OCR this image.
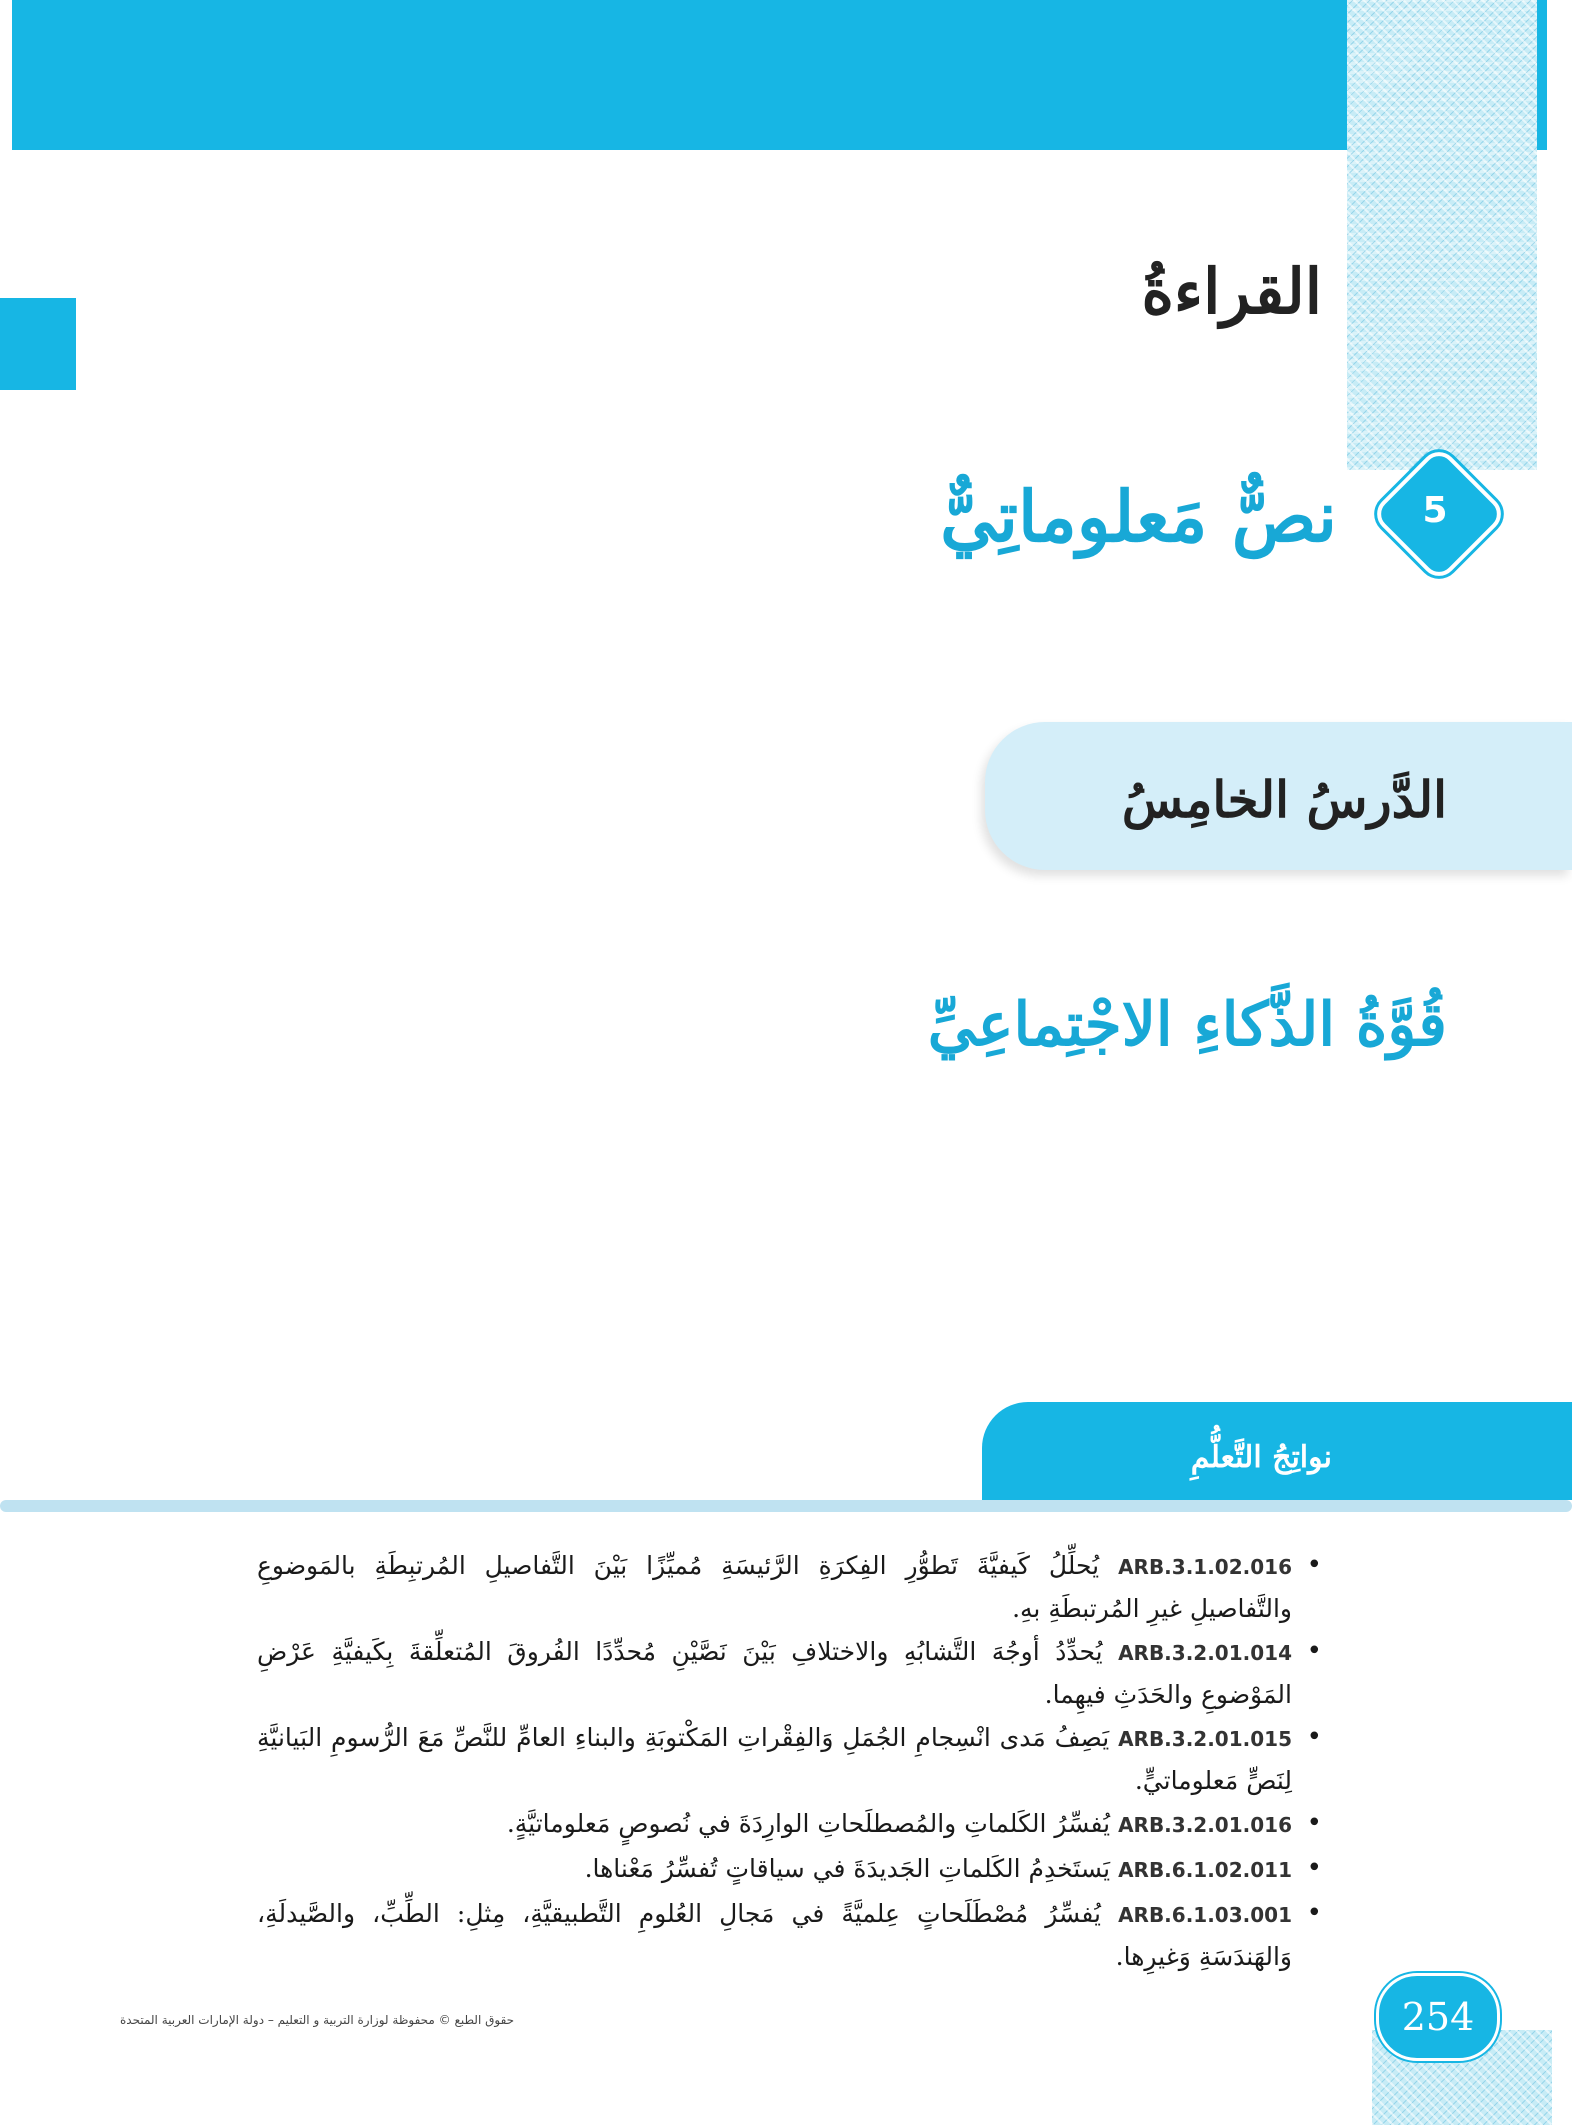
القراءةُ
5
نصٌّ مَعلوماتِيٌّ
الدَّرسُ الخامِسُ
قُوَّةُ الذَّكاءِ الاجْتِماعِيِّ
نواتِجُ التَّعلُّمِ
• ARB.3.1.02.016 يُحلِّلُ كَيفيَّةَ تَطوُّرِ الفِكرَةِ الرَّئيسَةِ مُميِّزًا بَيْنَ التَّفاصيلِ المُرتبِطَةِ بالمَوضوعِ والتَّفاصيلِ غيرِ المُرتبطَةِ بهِ.
• ARB.3.2.01.014 يُحدِّدُ أوجُهَ التَّشابُهِ والاختلافِ بَيْنَ نَصَّيْنِ مُحدِّدًا الفُروقَ المُتعلِّقةَ بِكَيفيَّةِ عَرْضِ المَوْضوعِ والحَدَثِ فيهِما.
• ARB.3.2.01.015 يَصِفُ مَدى انْسِجامِ الجُمَلِ وَالفِقْراتِ المَكْتوبَةِ والبناءِ العامِّ للنَّصِّ مَعَ الرُّسومِ البَيانيَّةِ لِنَصٍّ مَعلوماتيٍّ.
• ARB.3.2.01.016 يُفسِّرُ الكَلماتِ والمُصطلَحاتِ الوارِدَةَ في نُصوصٍ مَعلوماتيَّةٍ.
• ARB.6.1.02.011 يَستَخدِمُ الكَلماتِ الجَديدَةَ في سياقاتٍ تُفسِّرُ مَعْناها.
• ARB.6.1.03.001 يُفسِّرُ مُصْطَلَحاتٍ عِلميَّةً في مَجالِ العُلومِ التَّطبيقيَّةِ، مِثلِ: الطِّبِّ، والصَّيدلَةِ، وَالهَندَسَةِ وَغيرِها.
254
حقوق الطبع © محفوظة لوزارة التربية و التعليم – دولة الإمارات العربية المتحدة
